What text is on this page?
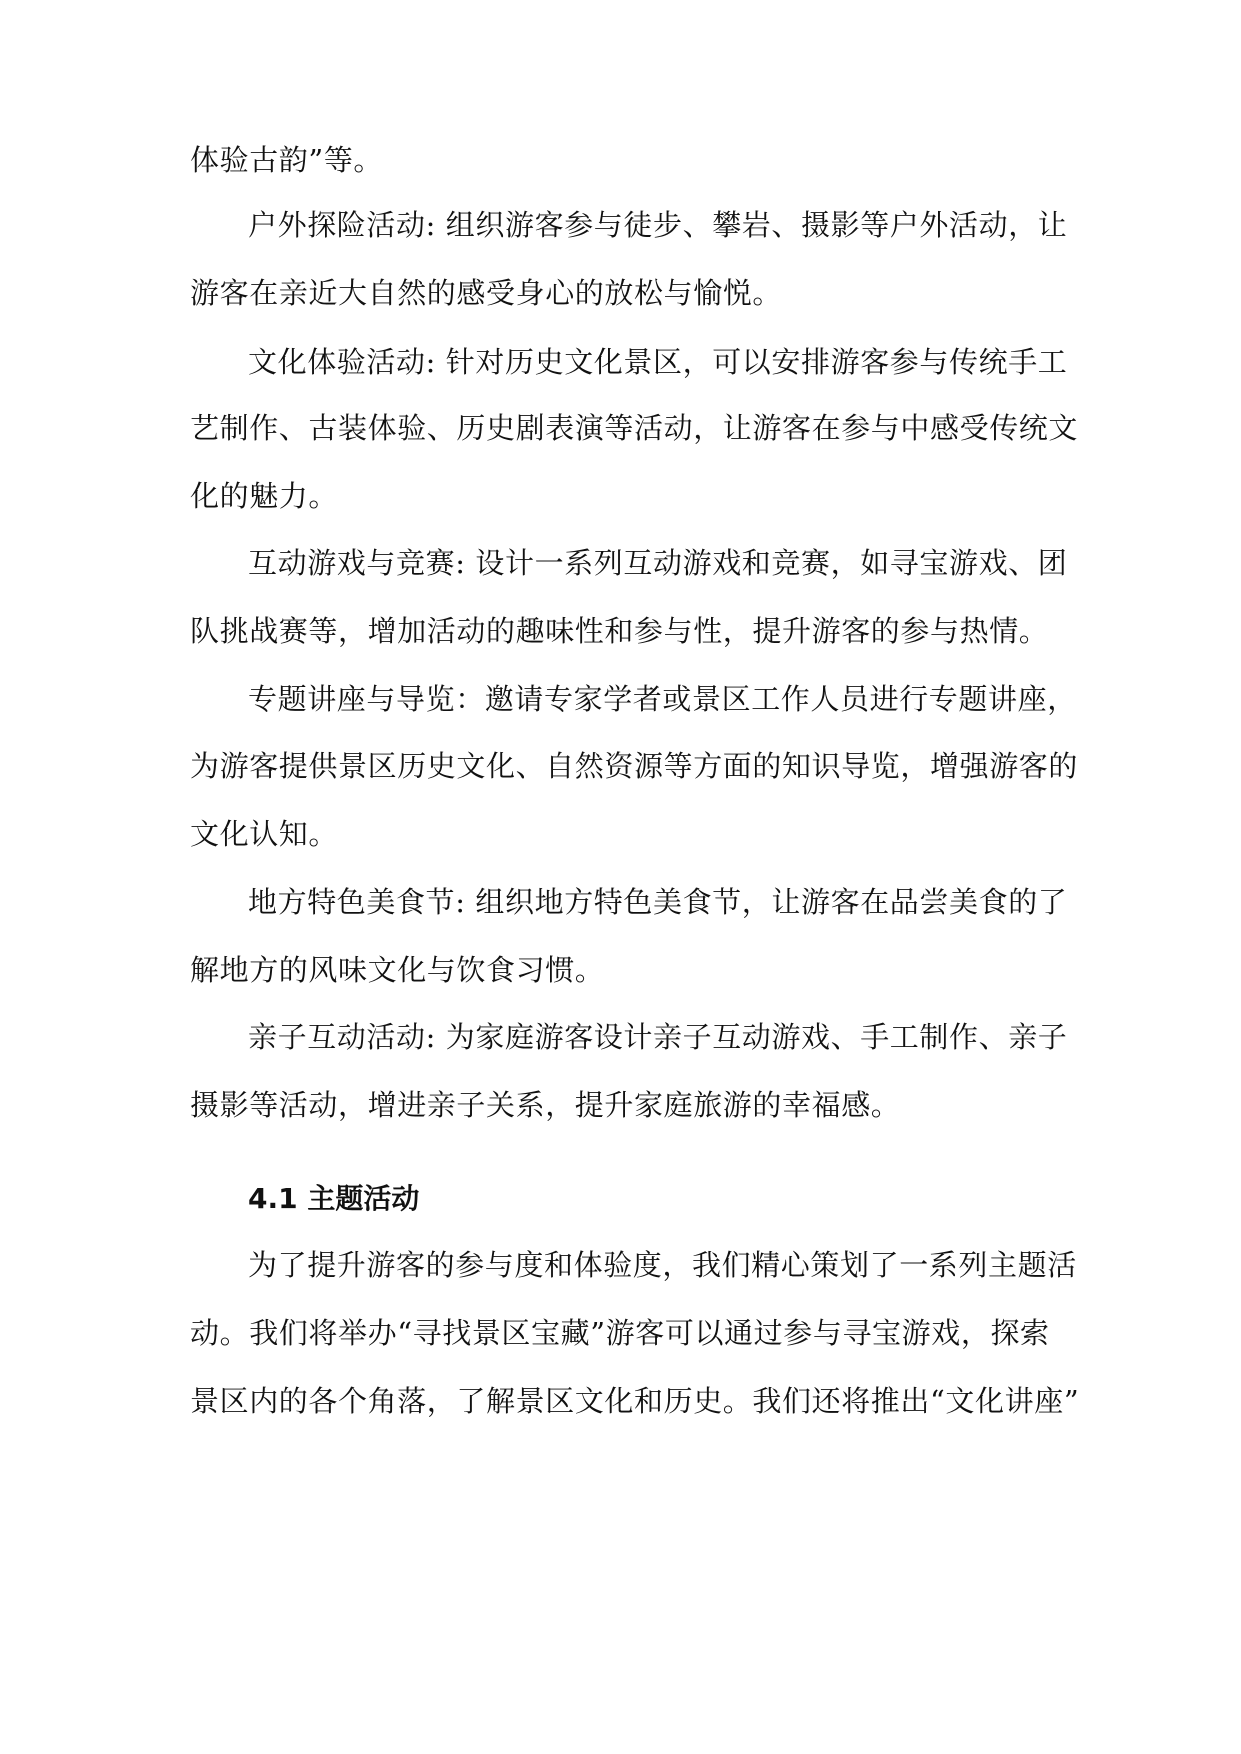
体验古韵”等。
户外探险活动: 组织游客参与徒步、攀岩、摄影等户外活动，让
游客在亲近大自然的感受身心的放松与愉悦。
文化体验活动: 针对历史文化景区，可以安排游客参与传统手工
艺制作、古装体验、历史剧表演等活动，让游客在参与中感受传统文
化的魅力。
互动游戏与竞赛: 设计一系列互动游戏和竞赛，如寻宝游戏、团
队挑战赛等，增加活动的趣味性和参与性，提升游客的参与热情。
专题讲座与导览：邀请专家学者或景区工作人员进行专题讲座，
为游客提供景区历史文化、自然资源等方面的知识导览，增强游客的
文化认知。
地方特色美食节: 组织地方特色美食节，让游客在品尝美食的了
解地方的风味文化与饮食习惯。
亲子互动活动: 为家庭游客设计亲子互动游戏、手工制作、亲子
摄影等活动，增进亲子关系，提升家庭旅游的幸福感。
4.1 主题活动
为了提升游客的参与度和体验度，我们精心策划了一系列主题活
动。我们将举办“寻找景区宝藏”游客可以通过参与寻宝游戏，探索
景区内的各个角落，了解景区文化和历史。我们还将推出“文化讲座”
